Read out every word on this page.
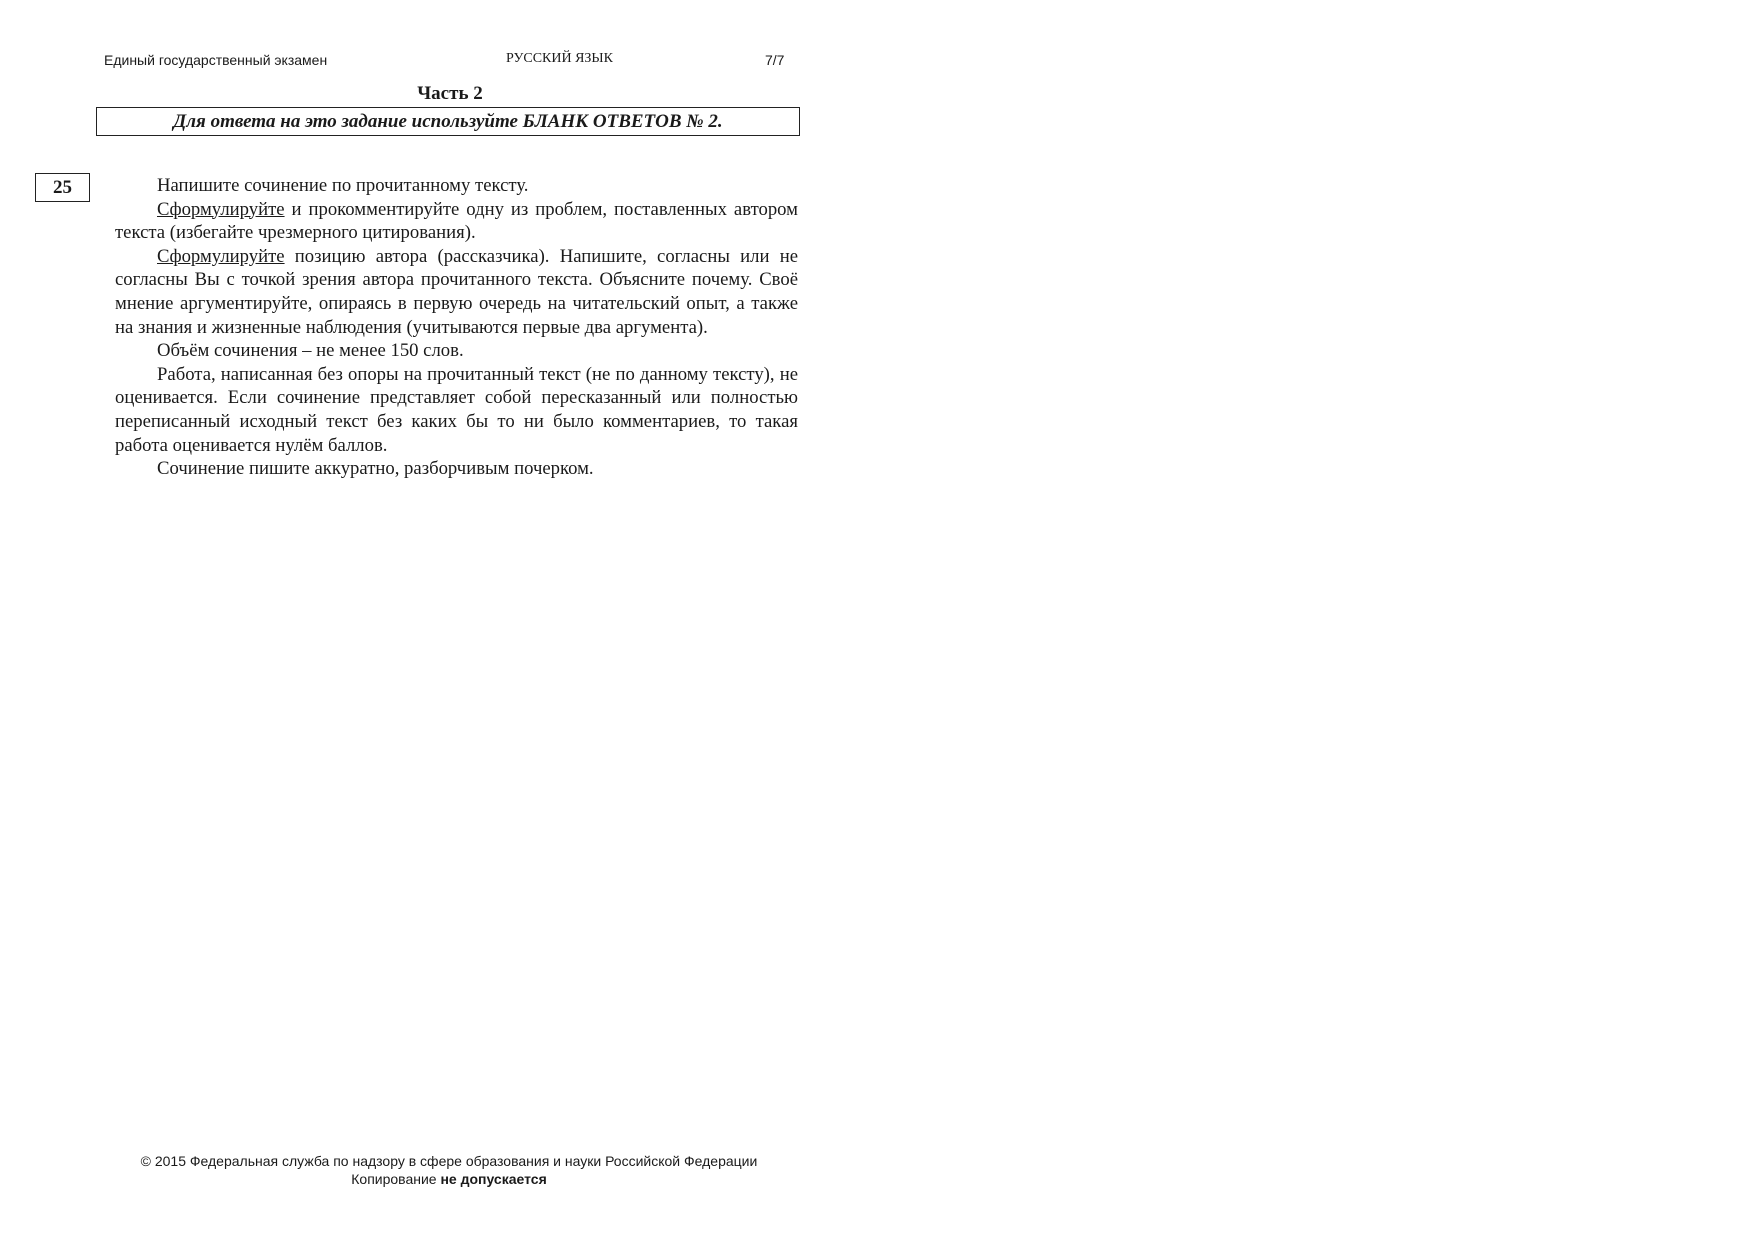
Единый государственный экзамен	РУССКИЙ ЯЗЫК	7/7
Часть 2
Для ответа на это задание используйте БЛАНК ОТВЕТОВ № 2.
25	Напишите сочинение по прочитанному тексту.

Сформулируйте и прокомментируйте одну из проблем, поставленных автором текста (избегайте чрезмерного цитирования).

Сформулируйте позицию автора (рассказчика). Напишите, согласны или не согласны Вы с точкой зрения автора прочитанного текста. Объясните почему. Своё мнение аргументируйте, опираясь в первую очередь на читательский опыт, а также на знания и жизненные наблюдения (учитываются первые два аргумента).

Объём сочинения – не менее 150 слов.

Работа, написанная без опоры на прочитанный текст (не по данному тексту), не оценивается. Если сочинение представляет собой пересказанный или полностью переписанный исходный текст без каких бы то ни было комментариев, то такая работа оценивается нулём баллов.

Сочинение пишите аккуратно, разборчивым почерком.

© 2015 Федеральная служба по надзору в сфере образования и науки Российской Федерации
Копирование не допускается
